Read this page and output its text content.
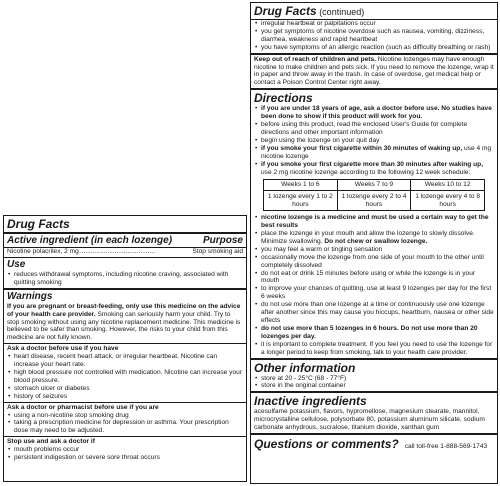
Drug Facts
Active ingredient (in each lozenge)	Purpose
Nicotine polacrilex, 2 mg .........................................	Stop smoking aid
Use
• reduces withdrawal symptoms, including nicotine craving, associated with quitting smoking
Warnings
If you are pregnant or breast-feeding, only use this medicine on the advice of your health care provider. Smoking can seriously harm your child. Try to stop smoking without using any nicotine replacement medicine. This medicine is believed to be safer than smoking. However, the risks to your child from this medicine are not fully known.
Ask a doctor before use if you have
• heart disease, recent heart attack, or irregular heartbeat. Nicotine can increase your heart rate.
• high blood pressure not controlled with medication. Nicotine can increase your blood pressure.
• stomach ulcer or diabetes
• history of seizures
Ask a doctor or pharmacist before use if you are
• using a non-nicotine stop smoking drug
• taking a prescription medicine for depression or asthma. Your prescription dose may need to be adjusted.
Stop use and ask a doctor if
• mouth problems occur
• persistent indigestion or severe sore throat occurs
Drug Facts (continued)
• irregular heartbeat or palpitations occur
• you get symptoms of nicotine overdose such as nausea, vomiting, dizziness, diarrhea, weakness and rapid heartbeat
• you have symptoms of an allergic reaction (such as difficulty breathing or rash)
Keep out of reach of children and pets. Nicotine lozenges may have enough nicotine to make children and pets sick. If you need to remove the lozenge, wrap it in paper and throw away in the trash. In case of overdose, get medical help or contact a Poison Control Center right away.
Directions
• if you are under 18 years of age, ask a doctor before use. No studies have been done to show if this product will work for you.
• before using this product, read the enclosed User's Guide for complete directions and other important information
• begin using the lozenge on your quit day
• if you smoke your first cigarette within 30 minutes of waking up, use 4 mg nicotine lozenge
• if you smoke your first cigarette more than 30 minutes after waking up, use 2 mg nicotine lozenge according to the following 12 week schedule:
Weeks 1 to 6	Weeks 7 to 9	Weeks 10 to 12
1 lozenge every 1 to 2 hours	1 lozenge every 2 to 4 hours	1 lozenge every 4 to 8 hours
• nicotine lozenge is a medicine and must be used a certain way to get the best results
• place the lozenge in your mouth and allow the lozenge to slowly dissolve. Minimize swallowing. Do not chew or swallow lozenge.
• you may feel a warm or tingling sensation
• occasionally move the lozenge from one side of your mouth to the other until completely dissolved
• do not eat or drink 15 minutes before using or while the lozenge is in your mouth
• to improve your chances of quitting, use at least 9 lozenges per day for the first 6 weeks
• do not use more than one lozenge at a time or continuously use one lozenge after another since this may cause you hiccups, heartburn, nausea or other side effects
• do not use more than 5 lozenges in 6 hours. Do not use more than 20 lozenges per day.
• it is important to complete treatment. If you feel you need to use the lozenge for a longer period to keep from smoking, talk to your health care provider.
Other information
• store at 20 - 25°C (68 - 77°F)
• store in the original container
Inactive ingredients
acesulfame potassium, flavors, hypromellose, magnesium stearate, mannitol, microcrystalline cellulose, polysorbate 80, potassium aluminum silicate, sodium carbonate anhydrous, sucralose, titanium dioxide, xanthan gum
Questions or comments? call toll-free 1-888-569-1743
